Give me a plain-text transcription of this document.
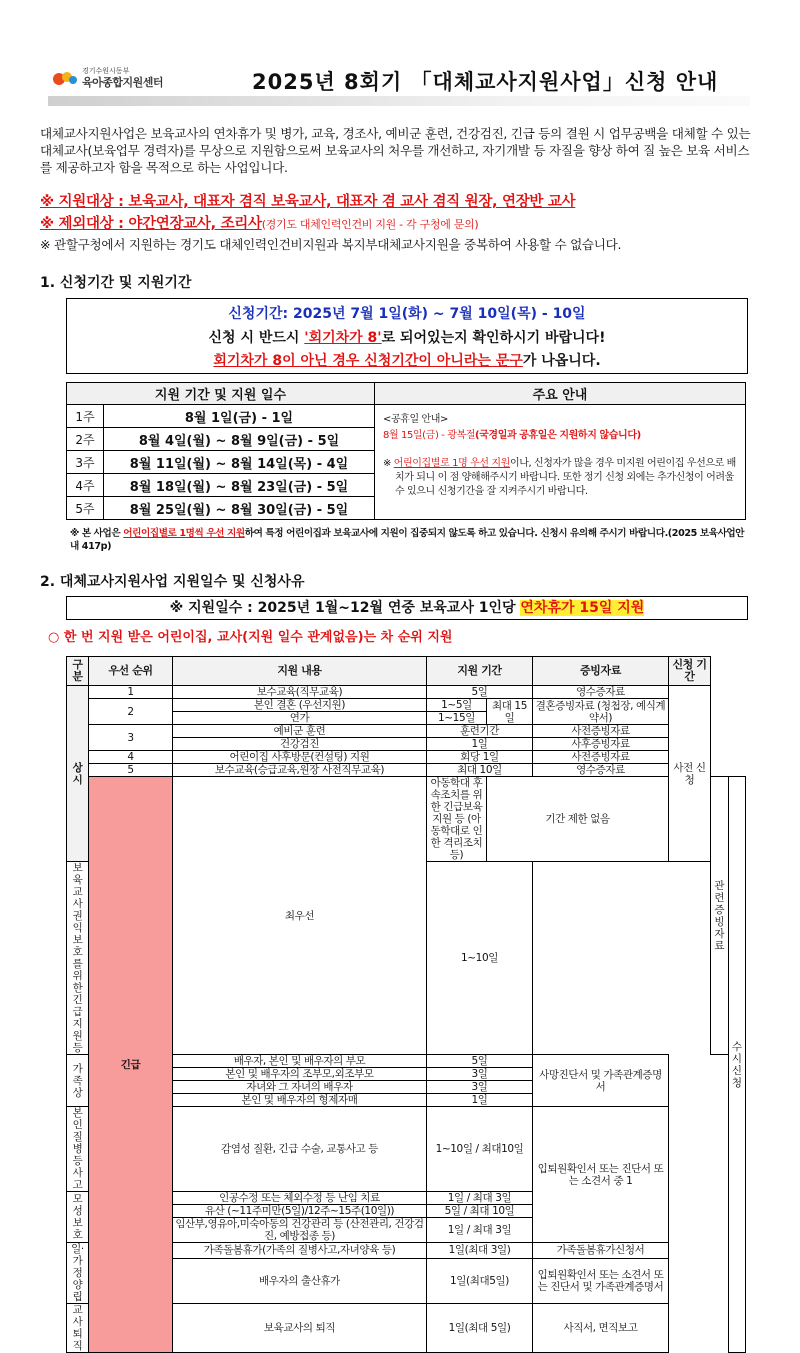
경기수원시동부
육아종합지원센터	2025년 8회기 「대체교사지원사업」신청 안내
대체교사지원사업은 보육교사의 연차휴가 및 병가, 교육, 경조사, 예비군 훈련, 건강검진, 긴급 등의 결원 시 업무공백을 대체할 수 있는 대체교사(보육업무 경력자)를 무상으로 지원함으로써 보육교사의 처우를 개선하고, 자기개발 등 자질을 향상 하여 질 높은 보육 서비스를 제공하고자 함을 목적으로 하는 사업입니다.
※ 지원대상 : 보육교사, 대표자 겸직 보육교사, 대표자 겸 교사 겸직 원장, 연장반 교사
※ 제외대상 : 야간연장교사, 조리사(경기도 대체인력인건비 지원 - 각 구청에 문의)
※ 관할구청에서 지원하는 경기도 대체인력인건비지원과 복지부대체교사지원을 중복하여 사용할 수 없습니다.
1. 신청기간 및 지원기간
신청기간: 2025년 7월 1일(화) ~ 7월 10일(목) - 10일
신청 시 반드시 '회기차가 8'로 되어있는지 확인하시기 바랍니다!
회기차가 8이 아닌 경우 신청기간이 아니라는 문구가 나옵니다.
지원 기간 및 지원 일수		주요 안내
1주	8월 1일(금) - 1일	<공휴일 안내>
8월 15일(금) - 광복절(국경일과 공휴일은 지원하지 않습니다)
※ 어린이집별로 1명 우선 지원이나, 신청자가 많을 경우 미지원 어린이집 우선으로 배치가 되니 이 점 양해해주시기 바랍니다. 또한 정기 신청 외에는 추가신청이 어려울 수 있으니 신청기간을 잘 지켜주시기 바랍니다.

2주	8월 4일(월) ~ 8월 9일(금) - 5일	
3주	8월 11일(월) ~ 8월 14일(목) - 4일	
4주	8월 18일(월) ~ 8월 23일(금) - 5일	
5주	8월 25일(월) ~ 8월 30일(금) - 5일	
※ 본 사업은 어린이집별로 1명씩 우선 지원하여 특정 어린이집과 보육교사에 지원이 집중되지 않도록 하고 있습니다. 신청시 유의해 주시기 바랍니다.(2025 보육사업안내 417p)
2. 대체교사지원사업 지원일수 및 신청사유
※ 지원일수 : 2025년 1월~12월 연중 보육교사 1인당 연차휴가 15일 지원
○ 한 번 지원 받은 어린이집, 교사(지원 일수 관계없음)는 차 순위 지원
구분	우선 순위	지원 내용	지원 기간		증빙자료	신청 기간		
상시	1	보수교육(직무교육)	5일		영수증자료	사전 신청		
	2	본인 결혼 (우선지원)	1~5일	최대 15일	결혼증빙자료 (청첩장, 예식계약서)			
		연가	1~15일					
	3	예비군 훈련	훈련기간		사전증빙자료			
		건강검진	1일		사후증빙자료			
	4	어린이집 사후방문(컨설팅) 지원	회당 1일		사전증빙자료			
	5	보수교육(승급교육,원장 사전직무교육)	최대 10일		영수증자료			
	긴급	최우선	아동학대 후속조치를 위한 긴급보육 지원 등 (아동학대로 인한 격리조치 등)	기간 제한 없음			관련증빙자료	수시 신청
보육교사 권익보호를 위한 긴급지원 등			1~10일					
가족상		배우자, 본인 및 배우자의 부모	5일		사망진단서 및 가족관계증명서			
		본인 및 배우자의 조부모,외조부모	3일					
		자녀와 그 자녀의 배우자	3일					
		본인 및 배우자의 형제자매	1일					
본인 질병 등 사고		감염성 질환, 긴급 수술, 교통사고 등	1~10일 / 최대10일		입퇴원확인서 또는 진단서 또는 소견서 중 1			
모성보호		인공수정 또는 체외수정 등 난임 치료	1일 / 최대 3일					
		유산 (~11주미만(5일)/12주~15주(10일))	5일 / 최대 10일					
		임산부,영유아,미숙아동의 건강관리 등 (산전관리, 건강검진, 예방접종 등)	1일 / 최대 3일					
일·가정양립		가족돌봄휴가(가족의 질병사고,자녀양육 등)	1일(최대 3일)		가족돌봄휴가신청서			
		배우자의 출산휴가	1일(최대5일)		입퇴원확인서 또는 소견서 또는 진단서 및 가족관계증명서			
교사퇴직		보육교사의 퇴직	1일(최대 5일)		사직서, 면직보고			
